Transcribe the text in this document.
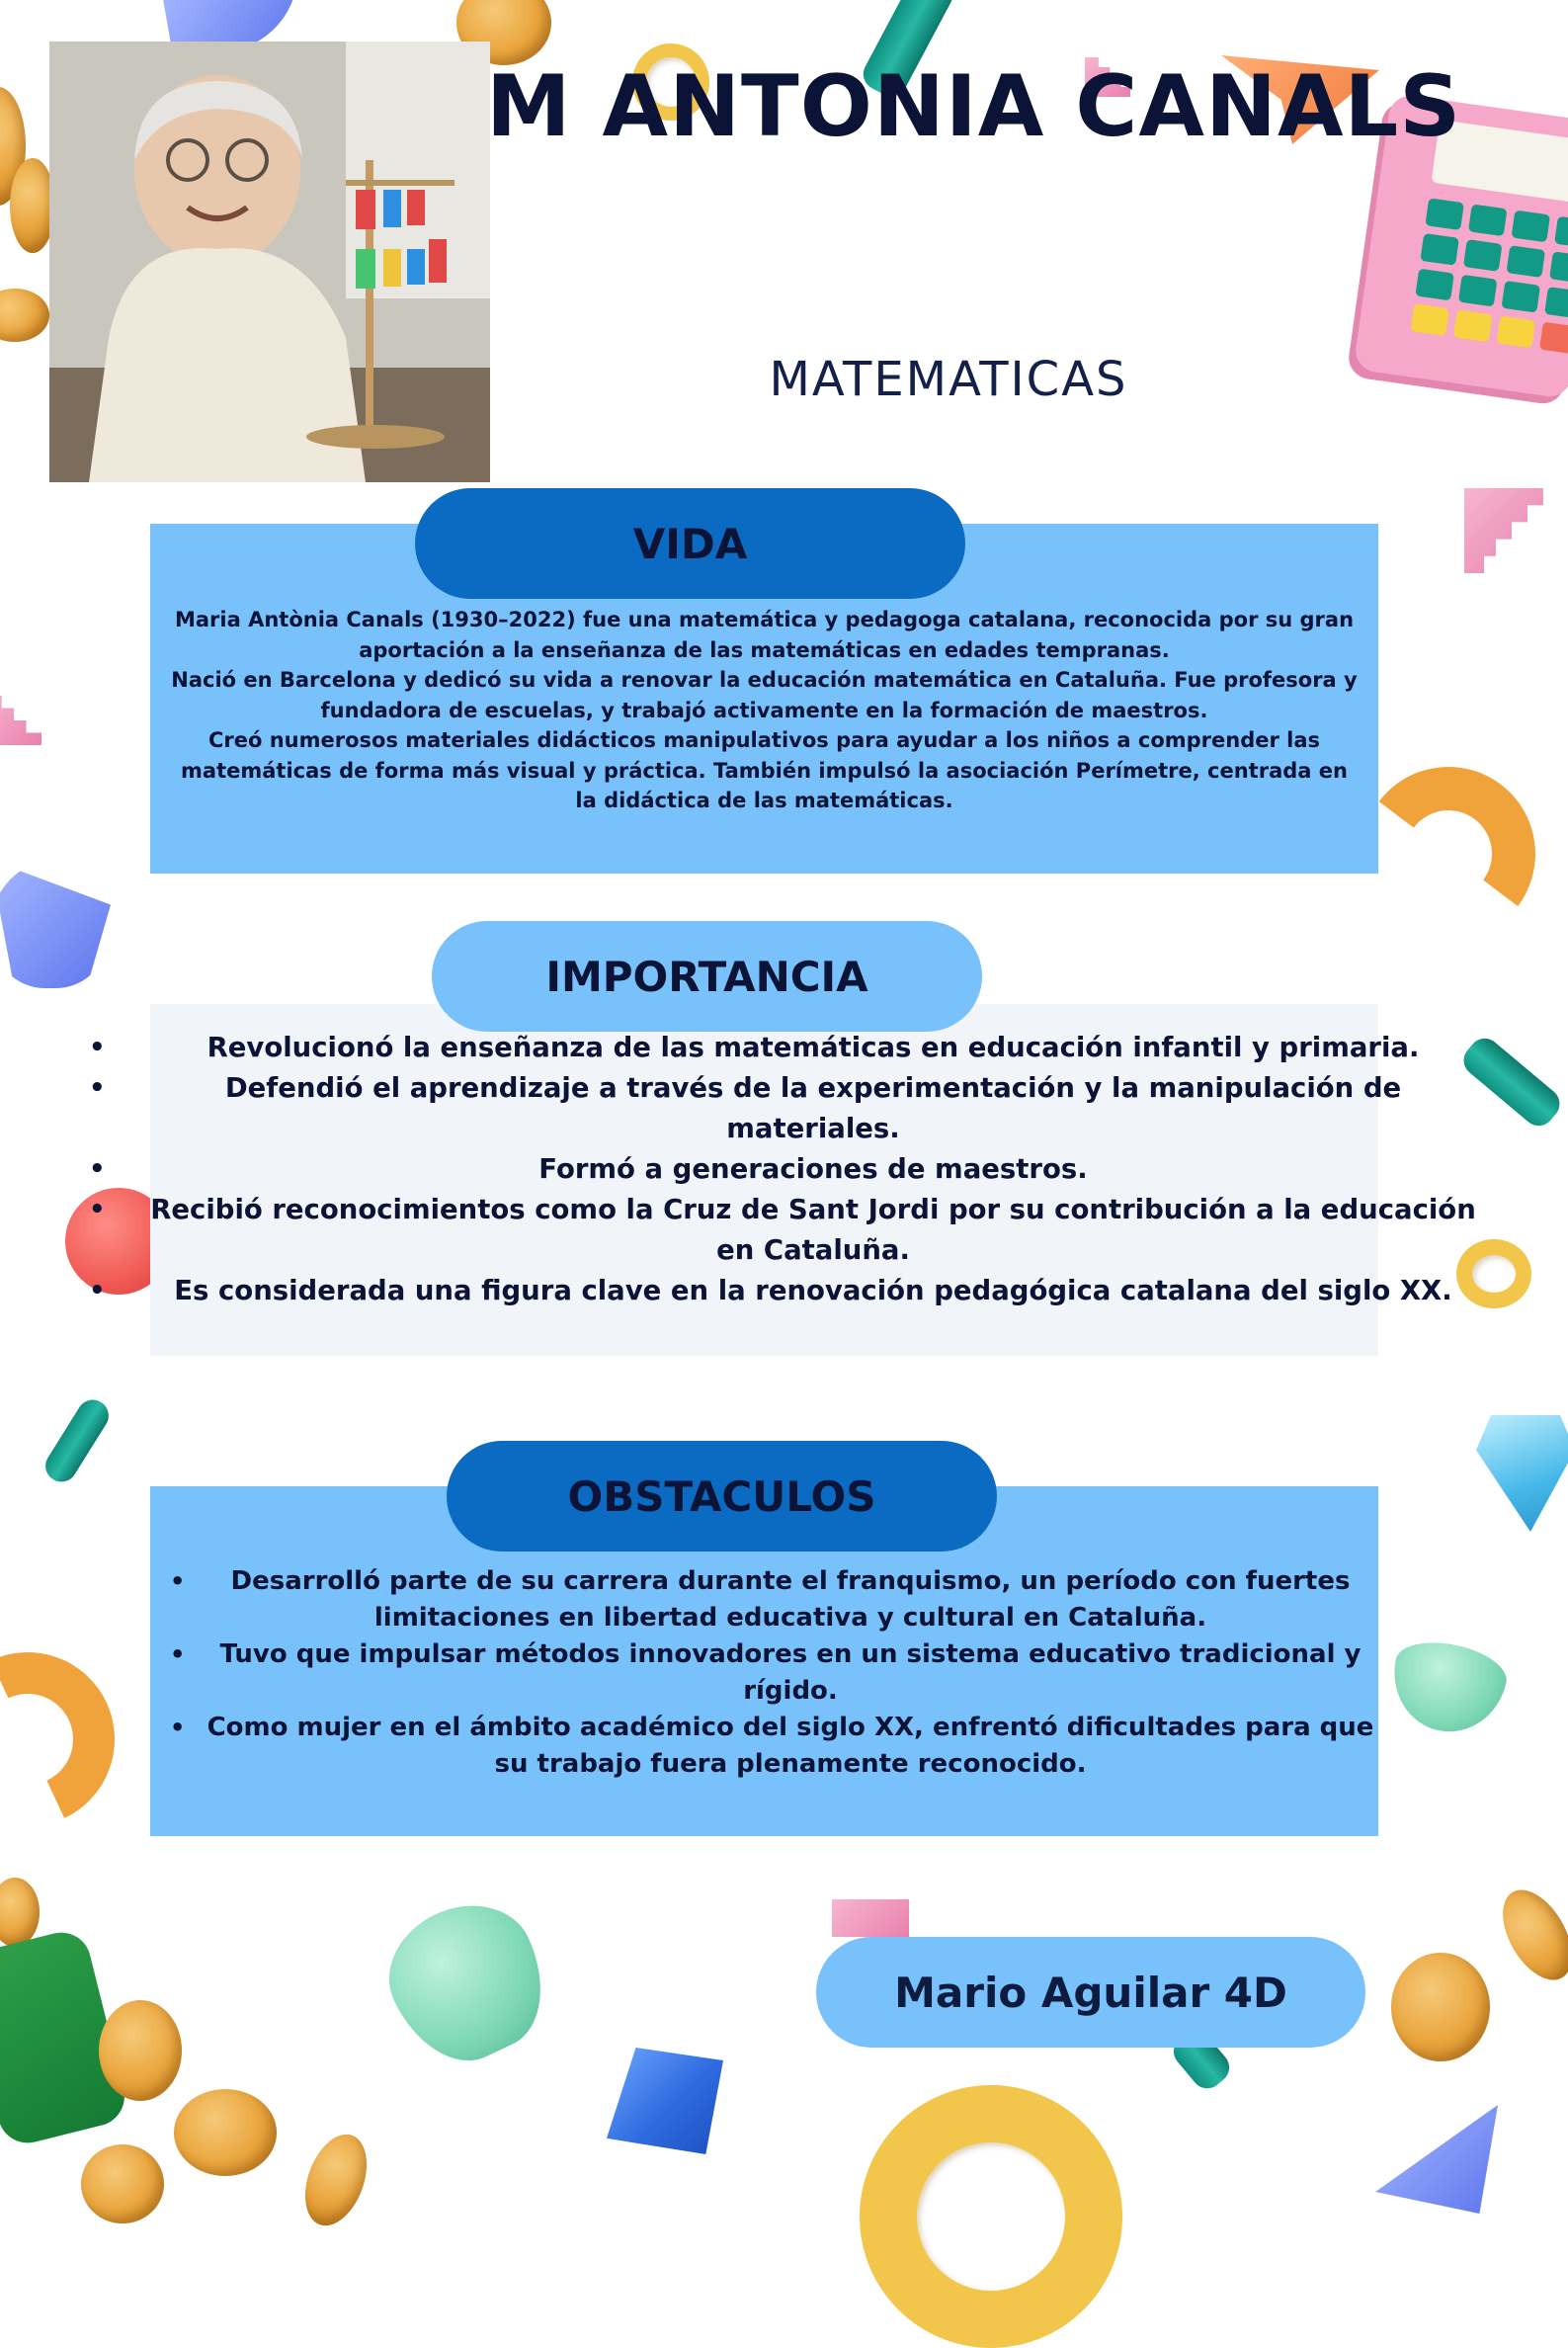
M ANTONIA CANALS
MATEMATICAS
VIDA

Maria Antònia Canals (1930–2022) fue una matemática y pedagoga catalana, reconocida por su gran aportación a la enseñanza de las matemáticas en edades tempranas.

Nació en Barcelona y dedicó su vida a renovar la educación matemática en Cataluña. Fue profesora y fundadora de escuelas, y trabajó activamente en la formación de maestros.

Creó numerosos materiales didácticos manipulativos para ayudar a los niños a comprender las matemáticas de forma más visual y práctica. También impulsó la asociación Perímetre, centrada en la didáctica de las matemáticas.

IMPORTANCIA
•	Revolucionó la enseñanza de las matemáticas en educación infantil y primaria.
•	Defendió el aprendizaje a través de la experimentación y la manipulación de materiales.
•	Formó a generaciones de maestros.
•	Recibió reconocimientos como la Cruz de Sant Jordi por su contribución a la educación en Cataluña.
•	Es considerada una figura clave en la renovación pedagógica catalana del siglo XX.
OBSTACULOS
•	Desarrolló parte de su carrera durante el franquismo, un período con fuertes limitaciones en libertad educativa y cultural en Cataluña.
•	Tuvo que impulsar métodos innovadores en un sistema educativo tradicional y rígido.
• Como mujer en el ámbito académico del siglo XX, enfrentó dificultades para que su trabajo fuera plenamente reconocido.
Mario Aguilar 4D
